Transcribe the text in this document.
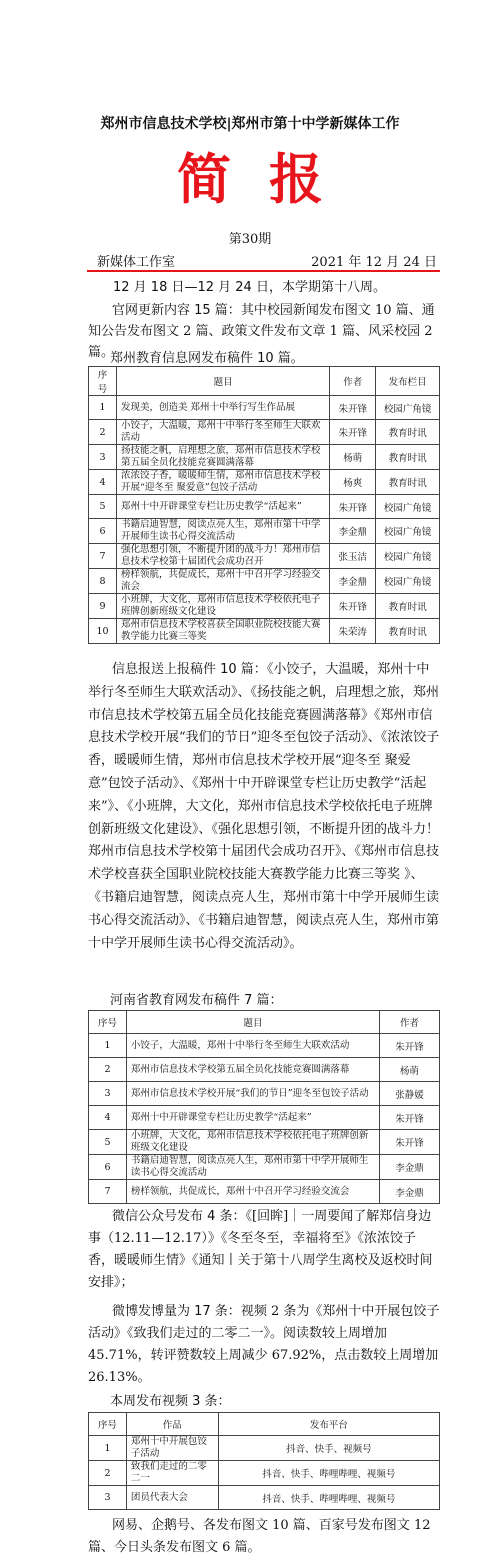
郑州市信息技术学校|郑州市第十中学新媒体工作
简报
第30期
新媒体工作室	2021 年 12 月 24 日
12 月 18 日—12 月 24 日，本学期第十八周。
官网更新内容 15 篇：其中校园新闻发布图文 10 篇、通知公告发布图文 2 篇、政策文件发布文章 1 篇、风采校园 2 篇。
郑州教育信息网发布稿件 10 篇。
序号	题目	作者	发布栏目
1	发现美，创造美 郑州十中举行写生作品展	朱开锋	校园广角镜
2	小饺子，大温暖，郑州十中举行冬至师生大联欢活动	朱开锋	教育时讯
3	扬技能之帆，启理想之旅，郑州市信息技术学校第五届全员化技能竞赛圆满落幕	杨萌	教育时讯
4	浓浓饺子香，暖暖师生情，郑州市信息技术学校开展“迎冬至 聚爱意”包饺子活动	杨爽	教育时讯
5	郑州十中开辟课堂专栏让历史教学“活起来”	朱开锋	校园广角镜
6	书籍启迪智慧，阅读点亮人生，郑州市第十中学开展师生读书心得交流活动	李金鼎	校园广角镜
7	强化思想引领，不断提升团的战斗力！郑州市信息技术学校第十届团代会成功召开	张玉洁	校园广角镜
8	榜样领航，共促成长，郑州十中召开学习经验交流会	李金鼎	校园广角镜
9	小班牌，大文化，郑州市信息技术学校依托电子班牌创新班级文化建设	朱开锋	教育时讯
10	郑州市信息技术学校喜获全国职业院校技能大赛教学能力比赛三等奖	朱荣涛	教育时讯
信息报送上报稿件 10 篇：《小饺子，大温暖，郑州十中举行冬至师生大联欢活动》、《扬技能之帆，启理想之旅，郑州市信息技术学校第五届全员化技能竞赛圆满落幕》《郑州市信息技术学校开展“我们的节日”迎冬至包饺子活动》、《浓浓饺子香，暖暖师生情，郑州市信息技术学校开展“迎冬至 聚爱意”包饺子活动》、《郑州十中开辟课堂专栏让历史教学“活起来”》、《小班牌，大文化，郑州市信息技术学校依托电子班牌创新班级文化建设》、《强化思想引领，不断提升团的战斗力！郑州市信息技术学校第十届团代会成功召开》、《郑州市信息技术学校喜获全国职业院校技能大赛教学能力比赛三等奖 》、《书籍启迪智慧，阅读点亮人生，郑州市第十中学开展师生读书心得交流活动》、《书籍启迪智慧，阅读点亮人生，郑州市第十中学开展师生读书心得交流活动》。
河南省教育网发布稿件 7 篇：
序号	题目	作者
1	小饺子，大温暖，郑州十中举行冬至师生大联欢活动	朱开锋
2	郑州市信息技术学校第五届全员化技能竞赛圆满落幕	杨萌
3	郑州市信息技术学校开展“我们的节日”迎冬至包饺子活动	张静媛
4	郑州十中开辟课堂专栏让历史教学“活起来”	朱开锋
5	小班牌，大文化，郑州市信息技术学校依托电子班牌创新班级文化建设	朱开锋
6	书籍启迪智慧，阅读点亮人生，郑州市第十中学开展师生读书心得交流活动	李金鼎
7	榜样领航，共促成长，郑州十中召开学习经验交流会	李金鼎
微信公众号发布 4 条：《[回眸]｜一周要闻了解郑信身边事（12.11—12.17）》《冬至冬至，幸福将至》《浓浓饺子香，暖暖师生情》《通知丨关于第十八周学生离校及返校时间安排》；
微博发博量为 17 条：视频 2 条为《郑州十中开展包饺子活动》《致我们走过的二零二一》。阅读数较上周增加 45.71%，转评赞数较上周减少 67.92%，点击数较上周增加 26.13%。
本周发布视频 3 条：
序号	作品	发布平台
1	郑州十中开展包饺子活动	抖音、快手、视频号
2	致我们走过的二零二一	抖音、快手、哔哩哔哩、视频号
3	团员代表大会	抖音、快手、哔哩哔哩、视频号
网易、企鹅号、各发布图文 10 篇、百家号发布图文 12 篇、今日头条发布图文 6 篇。
